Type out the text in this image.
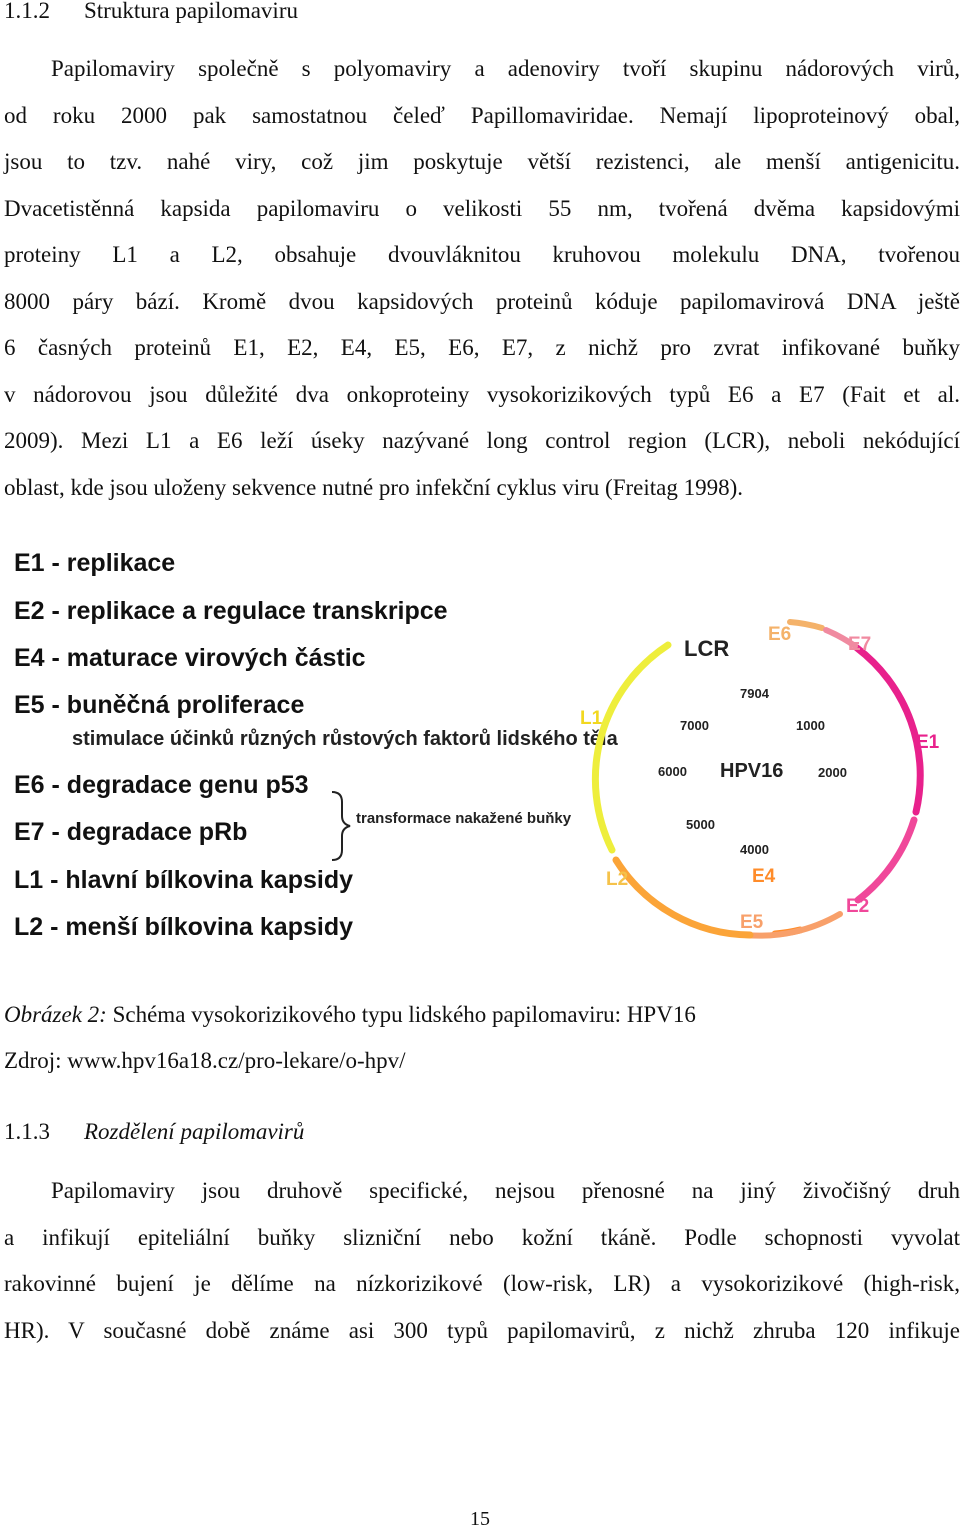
1.1.2 Struktura papilomaviru

Papilomaviry společně s polyomaviry a adenoviry tvoří skupinu nádorových virů,

od roku 2000 pak samostatnou čeleď Papillomaviridae. Nemají lipoproteinový obal,

jsou to tzv. nahé viry, což jim poskytuje větší rezistenci, ale menší antigenicitu.

Dvacetistěnná kapsida papilomaviru o velikosti 55 nm, tvořená dvěma kapsidovými

proteiny L1 a L2, obsahuje dvouvláknitou kruhovou molekulu DNA, tvořenou

8000 páry bází. Kromě dvou kapsidových proteinů kóduje papilomavirová DNA ještě

6 časných proteinů E1, E2, E4, E5, E6, E7, z nichž pro zvrat infikované buňky

v nádorovou jsou důležité dva onkoproteiny vysokorizikových typů E6 a E7 (Fait et al.

2009). Mezi L1 a E6 leží úseky nazývané long control region (LCR), neboli nekódující

oblast, kde jsou uloženy sekvence nutné pro infekční cyklus viru (Freitag 1998).

E1 - replikace
E2 - replikace a regulace transkripce
E4 - maturace virových částic
E5 - buněčná proliferace
E6 - degradace genu p53
E7 - degradace pRb
L1 - hlavní bílkovina kapsidy
L2 - menší bílkovina kapsidy
stimulace účinků různých růstových faktorů lidského těla
transformace nakažené buňky
LCR
E6	E7
E1
E2
E4
E5
L1
L2
HPV16
7904
1000
2000
4000
5000
6000
7000
Obrázek 2: Schéma vysokorizikového typu lidského papilomaviru: HPV16
Zdroj: www.hpv16a18.cz/pro-lekare/o-hpv/
1.1.3 Rozdělení papilomavirů

Papilomaviry jsou druhově specifické, nejsou přenosné na jiný živočišný druh

a infikují epiteliální buňky slizniční nebo kožní tkáně. Podle schopnosti vyvolat

rakovinné bujení je dělíme na nízkorizikové (low-risk, LR) a vysokorizikové (high-risk,

HR). V současné době známe asi 300 typů papilomavirů, z nichž zhruba 120 infikuje

15
